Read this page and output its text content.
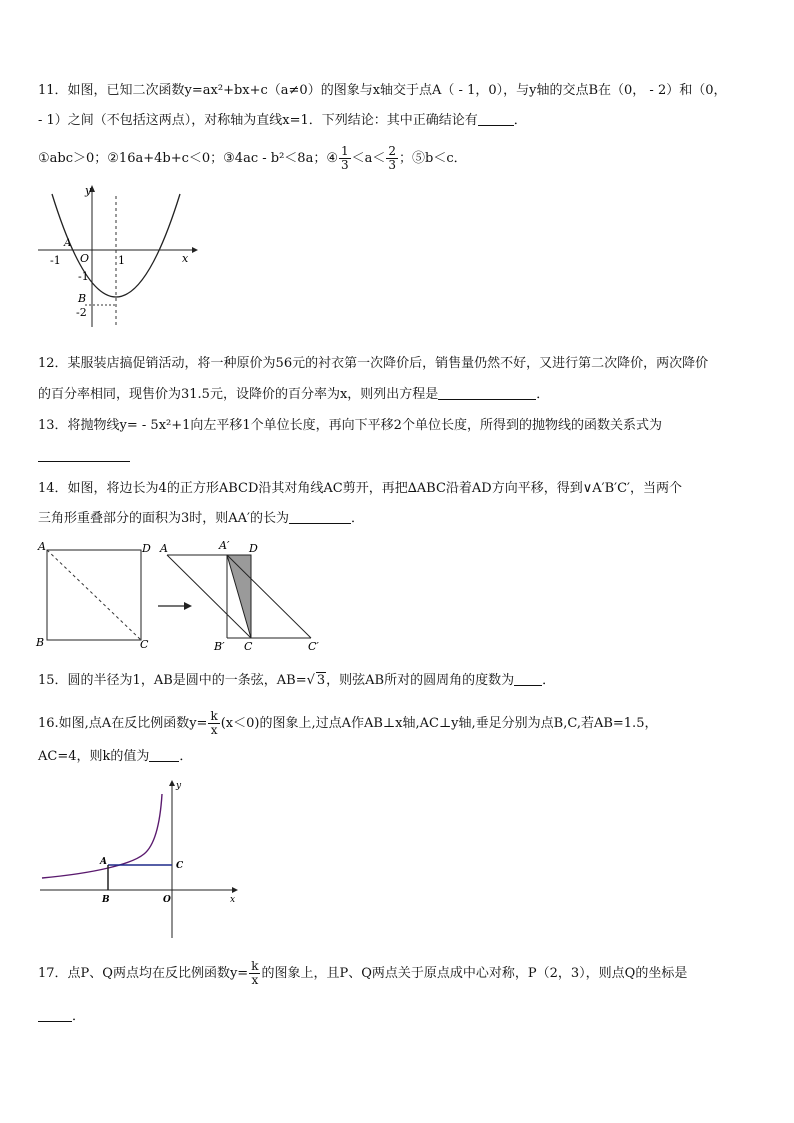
11．如图，已知二次函数y=ax²+bx+c（a≠0）的图象与x轴交于点A（ - 1，0），与y轴的交点B在（0， - 2）和（0，
- 1）之间（不包括这两点），对称轴为直线x=1．下列结论：其中正确结论有	．
①abc＞0；②16a+4b+c＜0；③4ac - b²＜8a；④ $\frac{1}{3} <a< \frac{2}{3}$ ；⑤b＜c．
y
x
A
O
-1	1
-1
B
-2
12．某服装店搞促销活动，将一种原价为56元的衬衣第一次降价后，销售量仍然不好，又进行第二次降价，两次降价
的百分率相同，现售价为31.5元，设降价的百分率为x，则列出方程是	．
13．将抛物线y= - 5x²+1向左平移1个单位长度，再向下平移2个单位长度，所得到的抛物线的函数关系式为
14．如图，将边长为4的正方形ABCD沿其对角线AC剪开，再把∆ABC沿着AD方向平移，得到∨A′B′C′，当两个
三角形重叠部分的面积为3时，则AA′的长为	．
A	D
B	C
A	A′ D
B′ C	C′
15．圆的半径为1，AB是圆中的一条弦，AB=√ 3，则弦AB所对的圆周角的度数为 ．
16.如图,点A在反比例函数$y= \frac{k}{x} (x<0)$的图象上,过点A作AB⊥x轴,AC⊥y轴,垂足分别为点B,C,若AB=1.5，
AC=4，则k的值为 ．
y
x
A	C
B	O
17．点P、Q两点均在反比例函数$y= \frac{k}{x}$ 的图象上，且P、Q两点关于原点成中心对称，P（2，3），则点Q的坐标是
．
